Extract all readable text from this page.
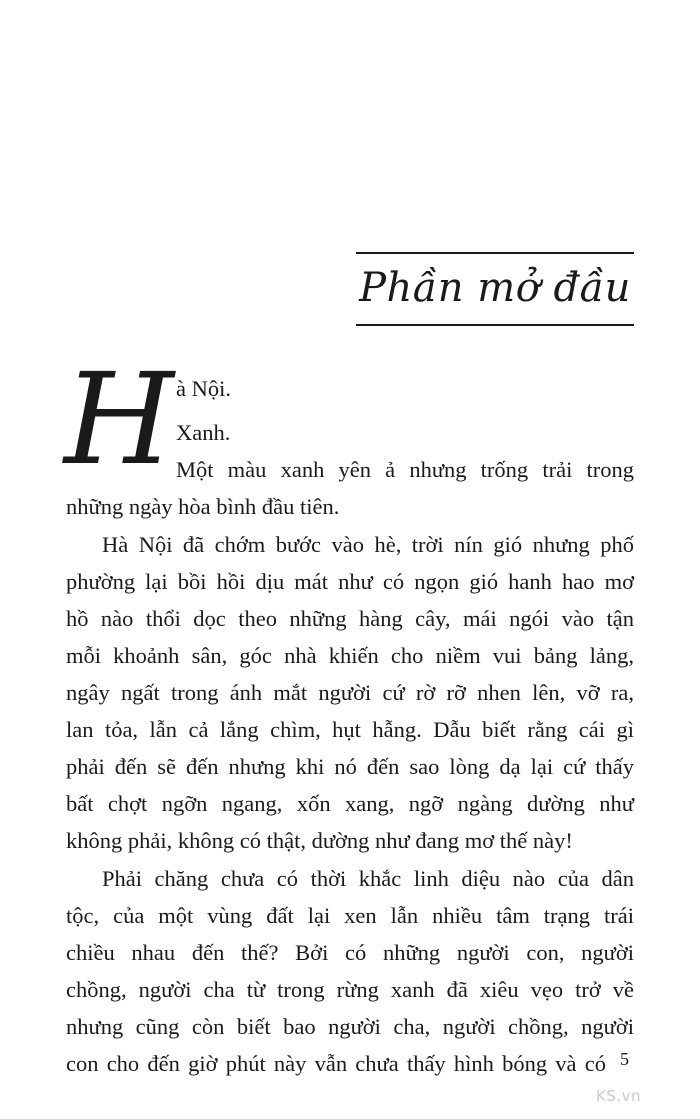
Phần mở đầu
H à Nội.
Xanh.
Một màu xanh yên ả nhưng trống trải trong
những ngày hòa bình đầu tiên.
Hà Nội đã chớm bước vào hè, trời nín gió nhưng phố
phường lại bồi hồi dịu mát như có ngọn gió hanh hao mơ
hồ nào thổi dọc theo những hàng cây, mái ngói vào tận
mỗi khoảnh sân, góc nhà khiến cho niềm vui bảng lảng,
ngây ngất trong ánh mắt người cứ rờ rỡ nhen lên, vỡ ra,
lan tỏa, lẫn cả lắng chìm, hụt hẫng. Dẫu biết rằng cái gì
phải đến sẽ đến nhưng khi nó đến sao lòng dạ lại cứ thấy
bất chợt ngỡn ngang, xốn xang, ngỡ ngàng dường như
không phải, không có thật, dường như đang mơ thế này!
Phải chăng chưa có thời khắc linh diệu nào của dân
tộc, của một vùng đất lại xen lẫn nhiều tâm trạng trái
chiều nhau đến thế? Bởi có những người con, người
chồng, người cha từ trong rừng xanh đã xiêu vẹo trở về
nhưng cũng còn biết bao người cha, người chồng, người
con cho đến giờ phút này vẫn chưa thấy hình bóng và có 5
KS.vn
